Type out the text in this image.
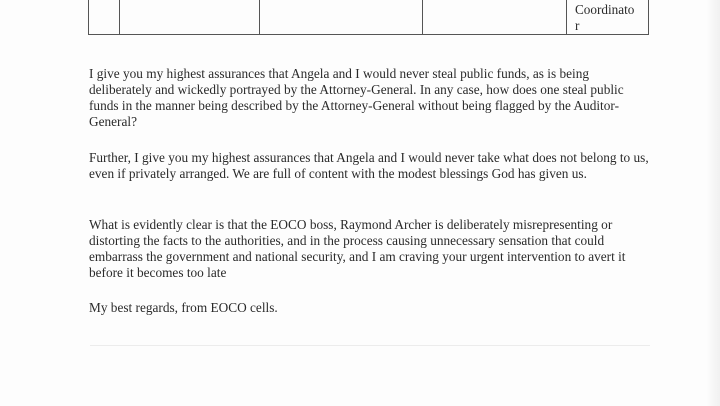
Coordinato
r

I give you my highest assurances that Angela and I would never steal public funds, as is being deliberately and wickedly portrayed by the Attorney-General. In any case, how does one steal public funds in the manner being described by the Attorney-General without being flagged by the Auditor-General?

Further, I give you my highest assurances that Angela and I would never take what does not belong to us, even if privately arranged. We are full of content with the modest blessings God has given us.

What is evidently clear is that the EOCO boss, Raymond Archer is deliberately misrepresenting or distorting the facts to the authorities, and in the process causing unnecessary sensation that could embarrass the government and national security, and I am craving your urgent intervention to avert it before it becomes too late

My best regards, from EOCO cells.
